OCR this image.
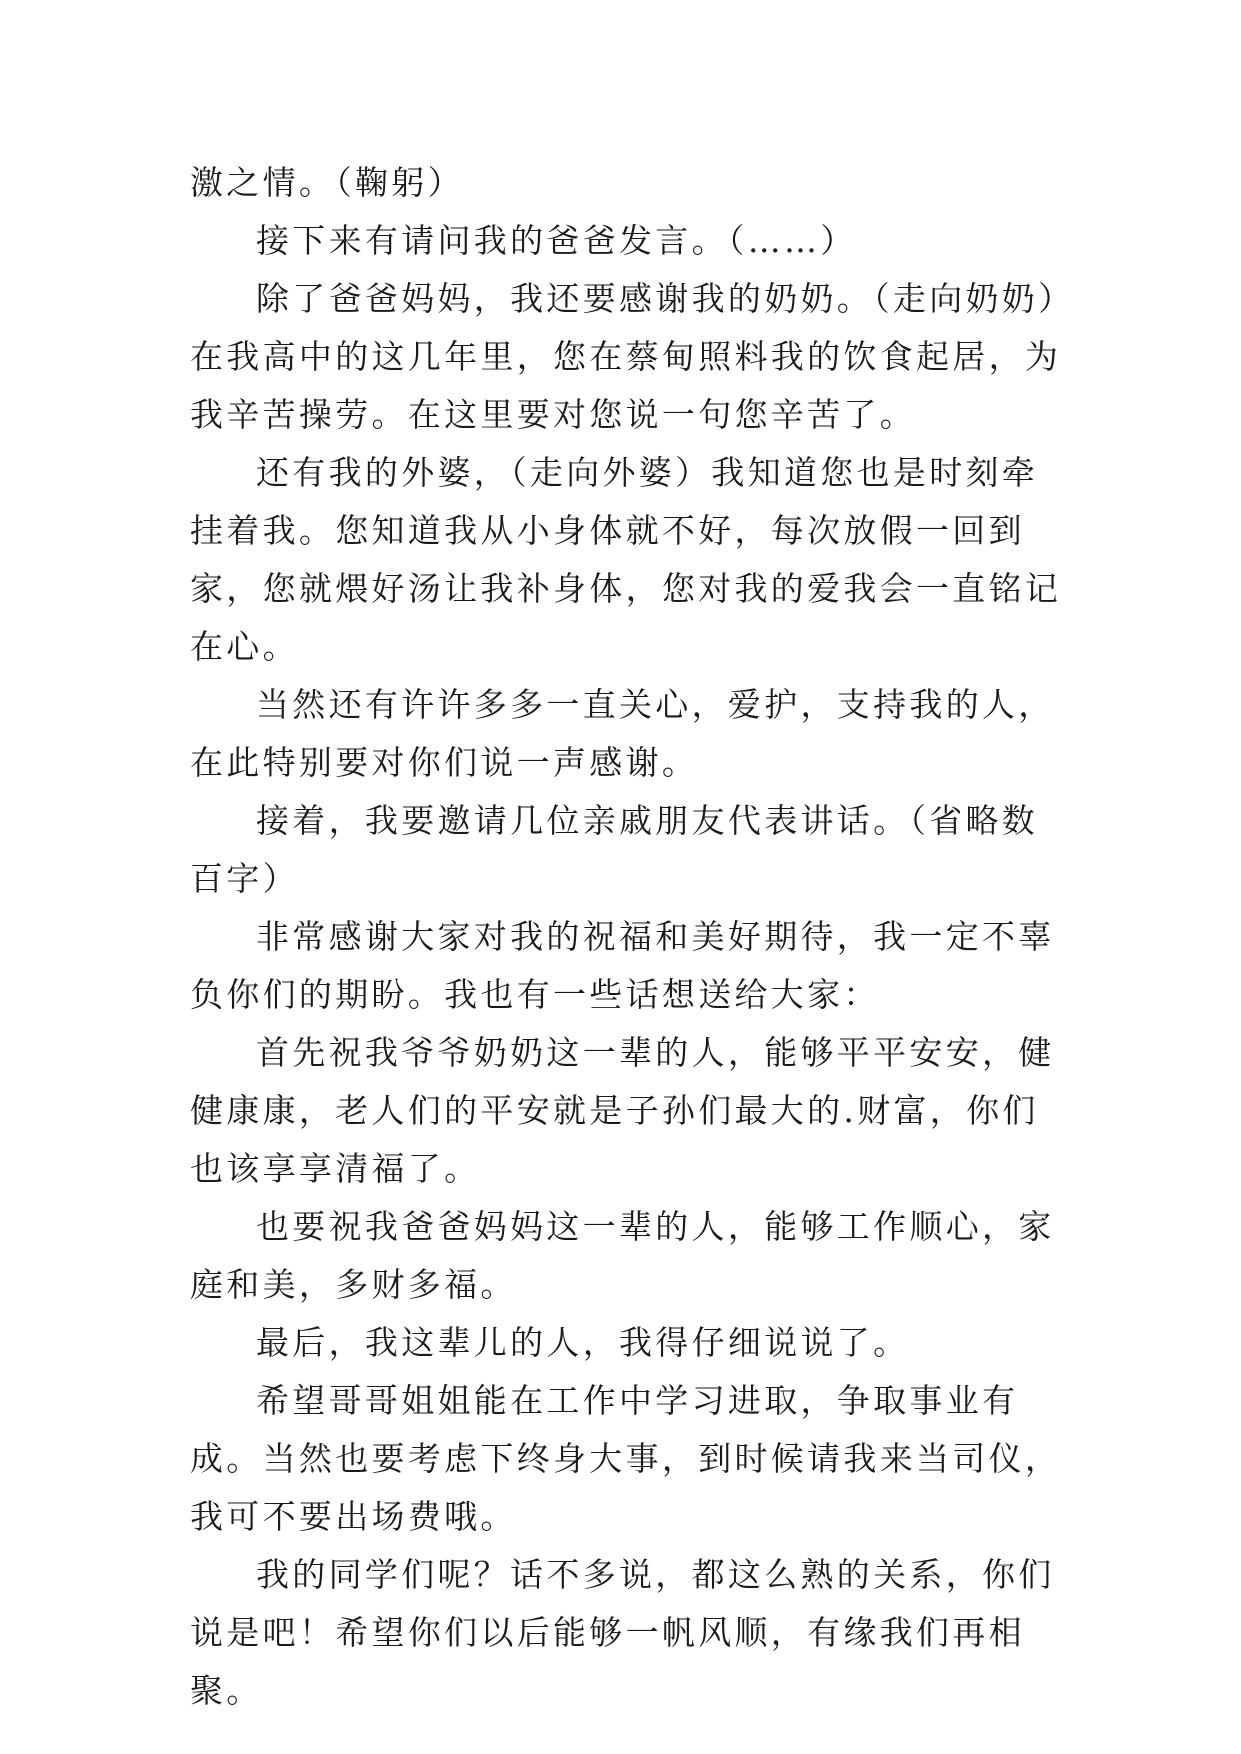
激之情。（鞠躬）

接下来有请问我的爸爸发言。（……）

除了爸爸妈妈，我还要感谢我的奶奶。（走向奶奶）在我高中的这几年里，您在蔡甸照料我的饮食起居，为我辛苦操劳。在这里要对您说一句您辛苦了。

还有我的外婆，（走向外婆）我知道您也是时刻牵挂着我。您知道我从小身体就不好，每次放假一回到家，您就煨好汤让我补身体，您对我的爱我会一直铭记在心。

当然还有许许多多一直关心，爱护，支持我的人，在此特别要对你们说一声感谢。

接着，我要邀请几位亲戚朋友代表讲话。（省略数百字）

非常感谢大家对我的祝福和美好期待，我一定不辜负你们的期盼。我也有一些话想送给大家：

首先祝我爷爷奶奶这一辈的人，能够平平安安，健健康康，老人们的平安就是子孙们最大的.财富，你们也该享享清福了。

也要祝我爸爸妈妈这一辈的人，能够工作顺心，家庭和美，多财多福。

最后，我这辈儿的人，我得仔细说说了。

希望哥哥姐姐能在工作中学习进取，争取事业有成。当然也要考虑下终身大事，到时候请我来当司仪，我可不要出场费哦。

我的同学们呢？话不多说，都这么熟的关系，你们说是吧！希望你们以后能够一帆风顺，有缘我们再相聚。
